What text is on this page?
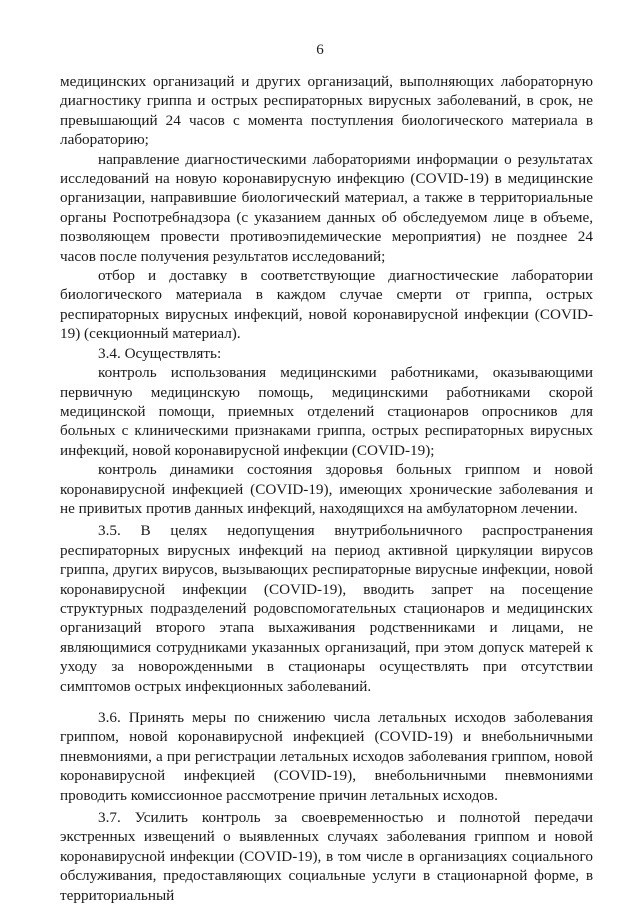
6

медицинских организаций и других организаций, выполняющих лабораторную диагностику гриппа и острых респираторных вирусных заболеваний, в срок, не превышающий 24 часов с момента поступления биологического материала в лабораторию;

направление диагностическими лабораториями информации о результатах исследований на новую коронавирусную инфекцию (COVID-19) в медицинские организации, направившие биологический материал, а также в территориальные органы Роспотребнадзора (с указанием данных об обследуемом лице в объеме, позволяющем провести противоэпидемические мероприятия) не позднее 24 часов после получения результатов исследований;

отбор и доставку в соответствующие диагностические лаборатории биологического материала в каждом случае смерти от гриппа, острых респираторных вирусных инфекций, новой коронавирусной инфекции (COVID-19) (секционный материал).

3.4. Осуществлять:

контроль использования медицинскими работниками, оказывающими первичную медицинскую помощь, медицинскими работниками скорой медицинской помощи, приемных отделений стационаров опросников для больных с клиническими признаками гриппа, острых респираторных вирусных инфекций, новой коронавирусной инфекции (COVID-19);

контроль динамики состояния здоровья больных гриппом и новой коронавирусной инфекцией (COVID-19), имеющих хронические заболевания и не привитых против данных инфекций, находящихся на амбулаторном лечении.

3.5. В целях недопущения внутрибольничного распространения респираторных вирусных инфекций на период активной циркуляции вирусов гриппа, других вирусов, вызывающих респираторные вирусные инфекции, новой коронавирусной инфекции (COVID-19), вводить запрет на посещение структурных подразделений родовспомогательных стационаров и медицинских организаций второго этапа выхаживания родственниками и лицами, не являющимися сотрудниками указанных организаций, при этом допуск матерей к уходу за новорожденными в стационары осуществлять при отсутствии симптомов острых инфекционных заболеваний.

3.6. Принять меры по снижению числа летальных исходов заболевания гриппом, новой коронавирусной инфекцией (COVID-19) и внебольничными пневмониями, а при регистрации летальных исходов заболевания гриппом, новой коронавирусной инфекцией (COVID-19), внебольничными пневмониями проводить комиссионное рассмотрение причин летальных исходов.

3.7. Усилить контроль за своевременностью и полнотой передачи экстренных извещений о выявленных случаях заболевания гриппом и новой коронавирусной инфекции (COVID-19), в том числе в организациях социального обслуживания, предоставляющих социальные услуги в стационарной форме, в территориальный
